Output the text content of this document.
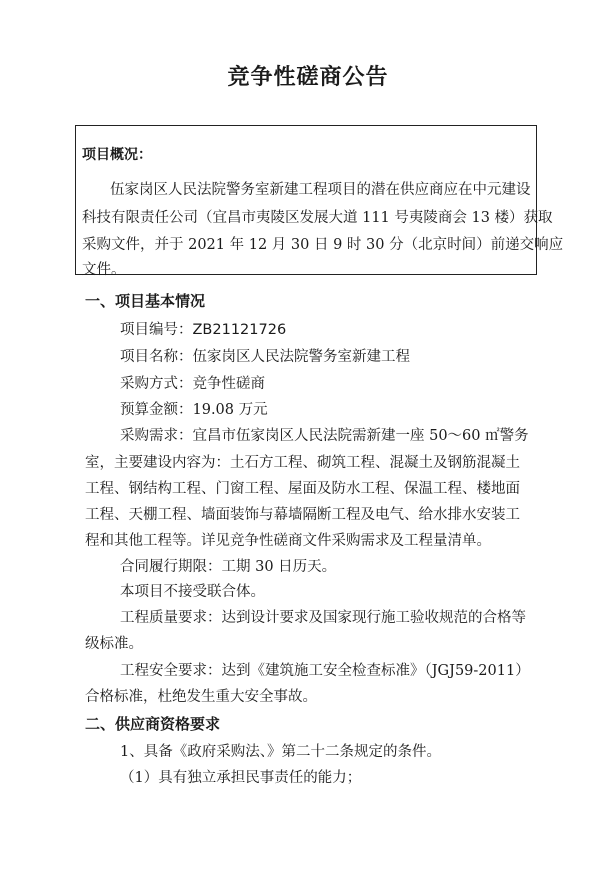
竞争性磋商公告
项目概况：
伍家岗区人民法院警务室新建工程项目的潜在供应商应在中元建设
科技有限责任公司（宜昌市夷陵区发展大道 111 号夷陵商会 13 楼）获取
采购文件，并于 2021 年 12 月 30 日 9 时 30 分（北京时间）前递交响应
文件。
一、项目基本情况
项目编号：ZB21121726
项目名称：伍家岗区人民法院警务室新建工程
采购方式：竞争性磋商
预算金额：19.08 万元
采购需求：宜昌市伍家岗区人民法院需新建一座 50～60 ㎡警务
室，主要建设内容为：土石方工程、砌筑工程、混凝土及钢筋混凝土
工程、钢结构工程、门窗工程、屋面及防水工程、保温工程、楼地面
工程、天棚工程、墙面装饰与幕墙隔断工程及电气、给水排水安装工
程和其他工程等。详见竞争性磋商文件采购需求及工程量清单。
合同履行期限：工期 30 日历天。
本项目不接受联合体。
工程质量要求：达到设计要求及国家现行施工验收规范的合格等
级标准。
工程安全要求：达到《建筑施工安全检查标准》（JGJ59-2011）
合格标准，杜绝发生重大安全事故。
二、供应商资格要求
1、具备《政府采购法、》第二十二条规定的条件。
（1）具有独立承担民事责任的能力；
